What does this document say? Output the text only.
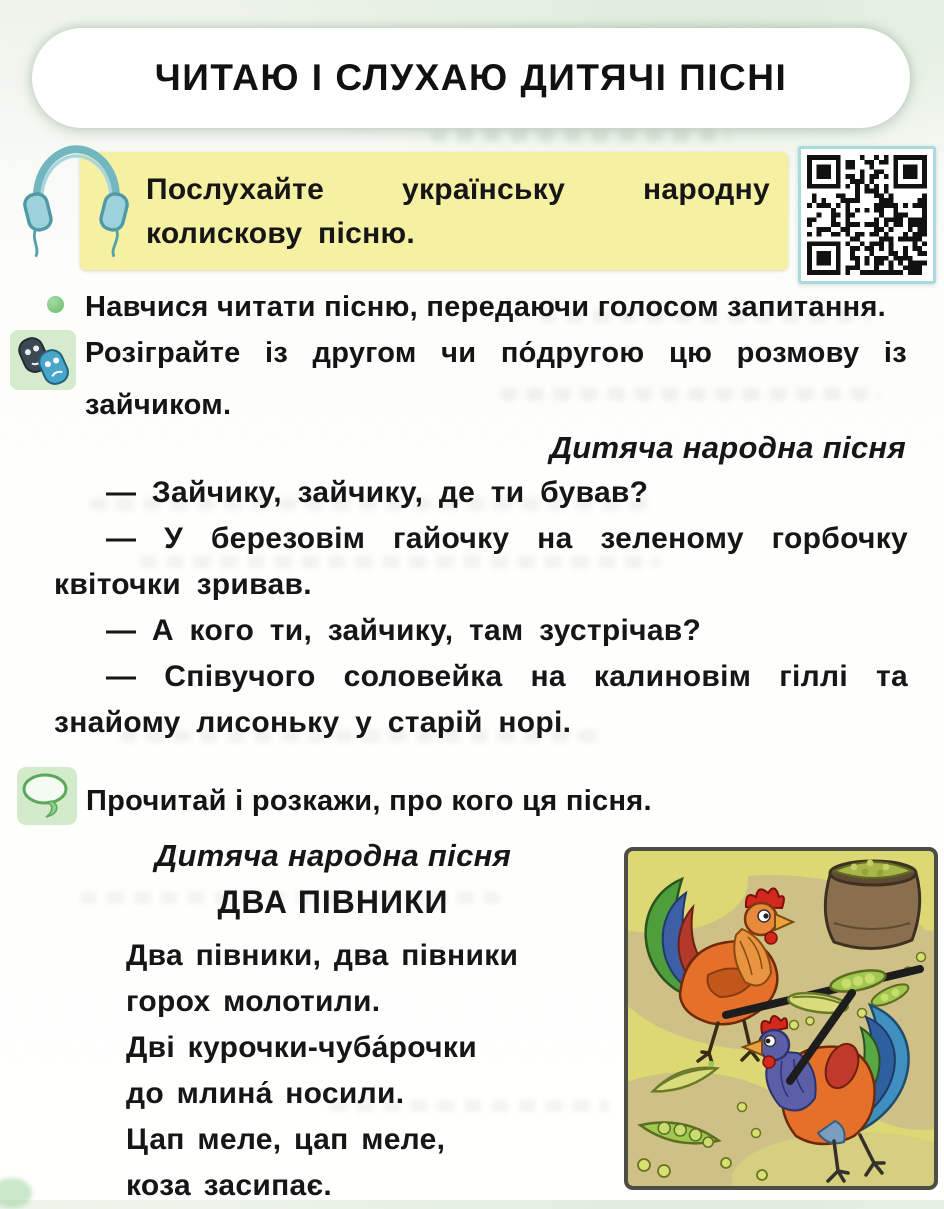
ЧИТАЮ І СЛУХАЮ ДИТЯЧІ ПІСНІ

Послухайте українську народну колискову пісню.

Навчися читати пісню, передаючи голосом запитання.

Розіграйте із другом чи по́другою цю розмову із зайчиком.

Дитяча народна пісня

— Зайчику, зайчику, де ти бував?

— У березовім гайочку на зеленому горбочку квіточки зривав.

— А кого ти, зайчику, там зустрічав?

— Співучого соловейка на калиновім гіллі та знайому лисоньку у старій норі.

Прочитай і розкажи, про кого ця пісня.

Дитяча народна пісня

ДВА ПІВНИКИ

Два півники, два півники

горох молотили.

Дві курочки-чуба́рочки

до млина́ носили.

Цап меле, цап меле,

коза засипає.
